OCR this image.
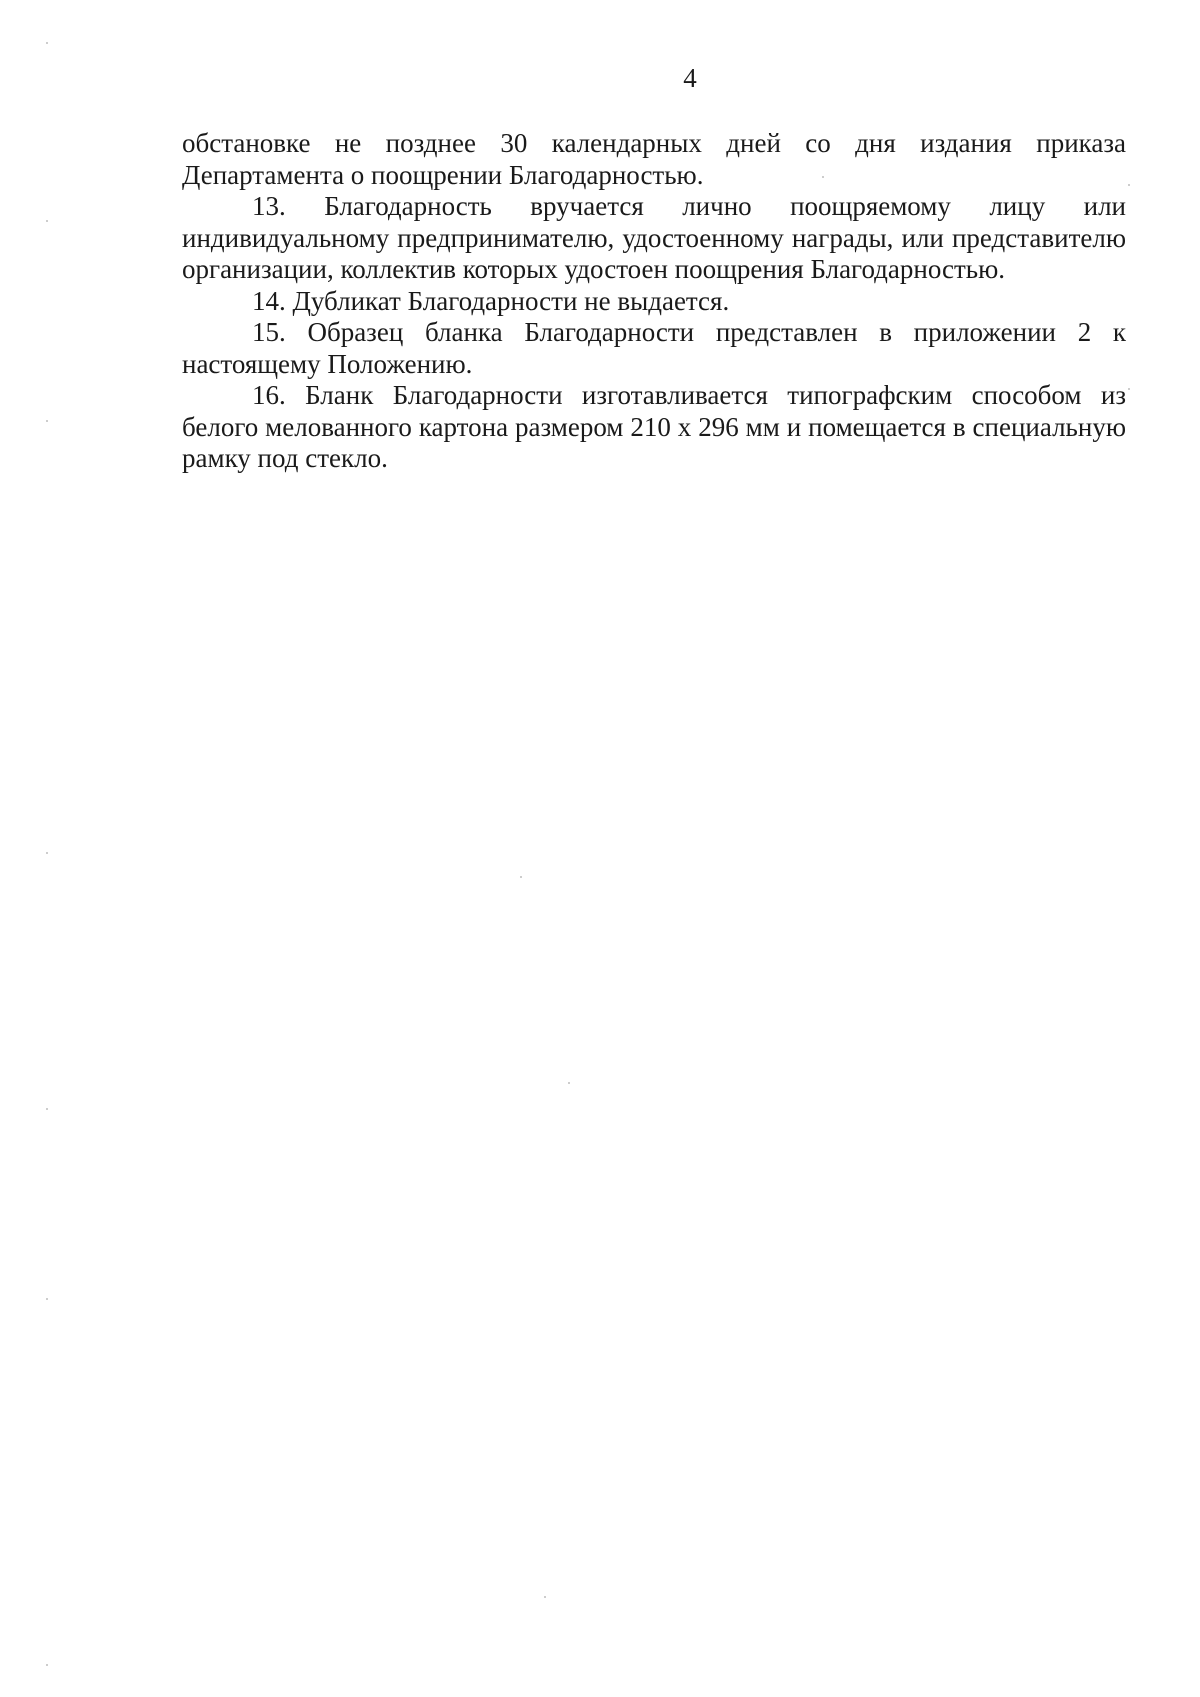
4

обстановке не позднее 30 календарных дней со дня издания приказа Департамента о поощрении Благодарностью.

13. Благодарность вручается лично поощряемому лицу или индивидуальному предпринимателю, удостоенному награды, или представителю организации, коллектив которых удостоен поощрения Благодарностью.

14. Дубликат Благодарности не выдается.

15. Образец бланка Благодарности представлен в приложении 2 к настоящему Положению.

16. Бланк Благодарности изготавливается типографским способом из белого мелованного картона размером 210 х 296 мм и помещается в специальную рамку под стекло.
